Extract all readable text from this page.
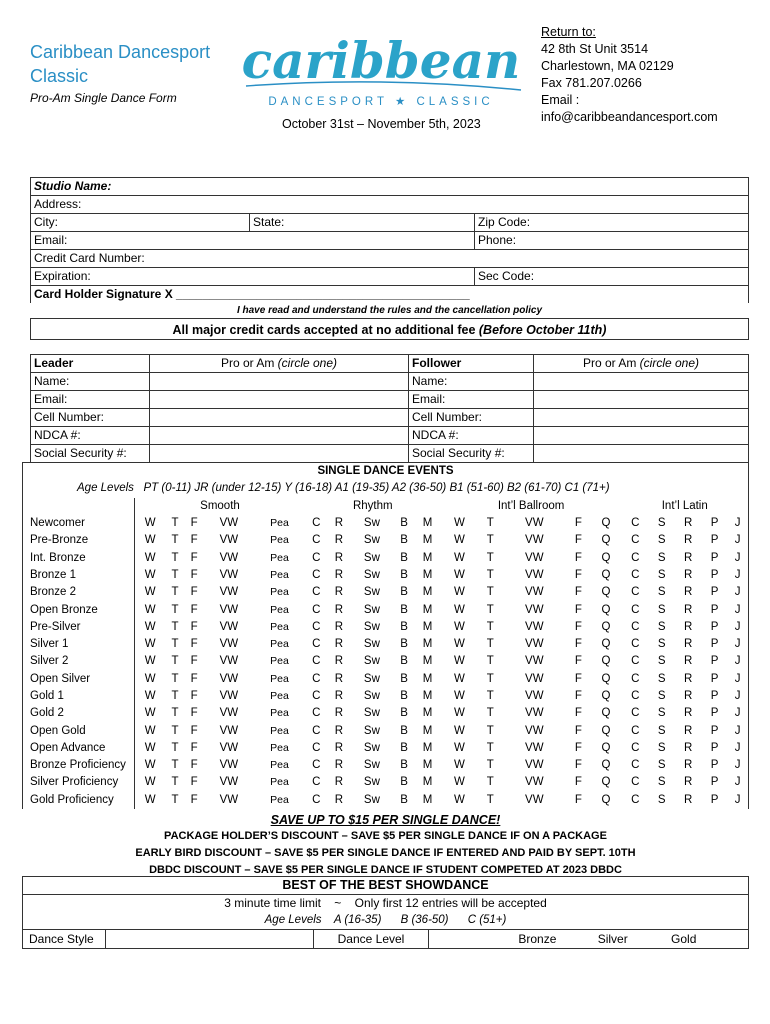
Caribbean Dancesport Classic
Pro-Am Single Dance Form
caribbean
DANCESPORT ★ CLASSIC
October 31st – November 5th, 2023
Return to:
42 8th St Unit 3514
Charlestown, MA 02129
Fax 781.207.0266
Email :
info@caribbeandancesport.com
Studio Name:		
Address:		
City:	State:	Zip Code:
Email:		Phone:
Credit Card Number:		
Expiration:		Sec Code:
Card Holder Signature X ____________________________________________		
I have read and understand the rules and the cancellation policy
All major credit cards accepted at no additional fee (Before October 11th)
Leader	Pro or Am (circle one)	Follower	Pro or Am (circle one)
Name:		Name:	
Email:		Email:	
Cell Number:		Cell Number:	
NDCA #:		NDCA #:	
Social Security #:		Social Security #:	
SINGLE DANCE EVENTS																				
Age Levels PT (0-11) JR (under 12-15) Y (16-18) A1 (19-35) A2 (36-50) B1 (51-60) B2 (61-70) C1 (71+)																				
	Smooth					Rhythm					Int’l Ballroom					Int’l Latin				
Newcomer	W	T	F	VW	Pea	C	R	Sw	B	M	W	T	VW	F	Q	C	S	R	P	J
Pre-Bronze	W	T	F	VW	Pea	C	R	Sw	B	M	W	T	VW	F	Q	C	S	R	P	J
Int. Bronze	W	T	F	VW	Pea	C	R	Sw	B	M	W	T	VW	F	Q	C	S	R	P	J
Bronze 1	W	T	F	VW	Pea	C	R	Sw	B	M	W	T	VW	F	Q	C	S	R	P	J
Bronze 2	W	T	F	VW	Pea	C	R	Sw	B	M	W	T	VW	F	Q	C	S	R	P	J
Open Bronze	W	T	F	VW	Pea	C	R	Sw	B	M	W	T	VW	F	Q	C	S	R	P	J
Pre-Silver	W	T	F	VW	Pea	C	R	Sw	B	M	W	T	VW	F	Q	C	S	R	P	J
Silver 1	W	T	F	VW	Pea	C	R	Sw	B	M	W	T	VW	F	Q	C	S	R	P	J
Silver 2	W	T	F	VW	Pea	C	R	Sw	B	M	W	T	VW	F	Q	C	S	R	P	J
Open Silver	W	T	F	VW	Pea	C	R	Sw	B	M	W	T	VW	F	Q	C	S	R	P	J
Gold 1	W	T	F	VW	Pea	C	R	Sw	B	M	W	T	VW	F	Q	C	S	R	P	J
Gold 2	W	T	F	VW	Pea	C	R	Sw	B	M	W	T	VW	F	Q	C	S	R	P	J
Open Gold	W	T	F	VW	Pea	C	R	Sw	B	M	W	T	VW	F	Q	C	S	R	P	J
Open Advance	W	T	F	VW	Pea	C	R	Sw	B	M	W	T	VW	F	Q	C	S	R	P	J
Bronze Proficiency	W	T	F	VW	Pea	C	R	Sw	B	M	W	T	VW	F	Q	C	S	R	P	J
Silver Proficiency	W	T	F	VW	Pea	C	R	Sw	B	M	W	T	VW	F	Q	C	S	R	P	J
Gold Proficiency	W	T	F	VW	Pea	C	R	Sw	B	M	W	T	VW	F	Q	C	S	R	P	J
SAVE UP TO $15 PER SINGLE DANCE!
PACKAGE HOLDER’S DISCOUNT – SAVE $5 PER SINGLE DANCE IF ON A PACKAGE
EARLY BIRD DISCOUNT – SAVE $5 PER SINGLE DANCE IF ENTERED AND PAID BY SEPT. 10TH
DBDC DISCOUNT – SAVE $5 PER SINGLE DANCE IF STUDENT COMPETED AT 2023 DBDC
BEST OF THE BEST SHOWDANCE
3 minute time limit ~ Only first 12 entries will be accepted
Age Levels A (16-35) B (36-50) C (51+)
Dance Style		Dance Level	Bronze	Silver	Gold
